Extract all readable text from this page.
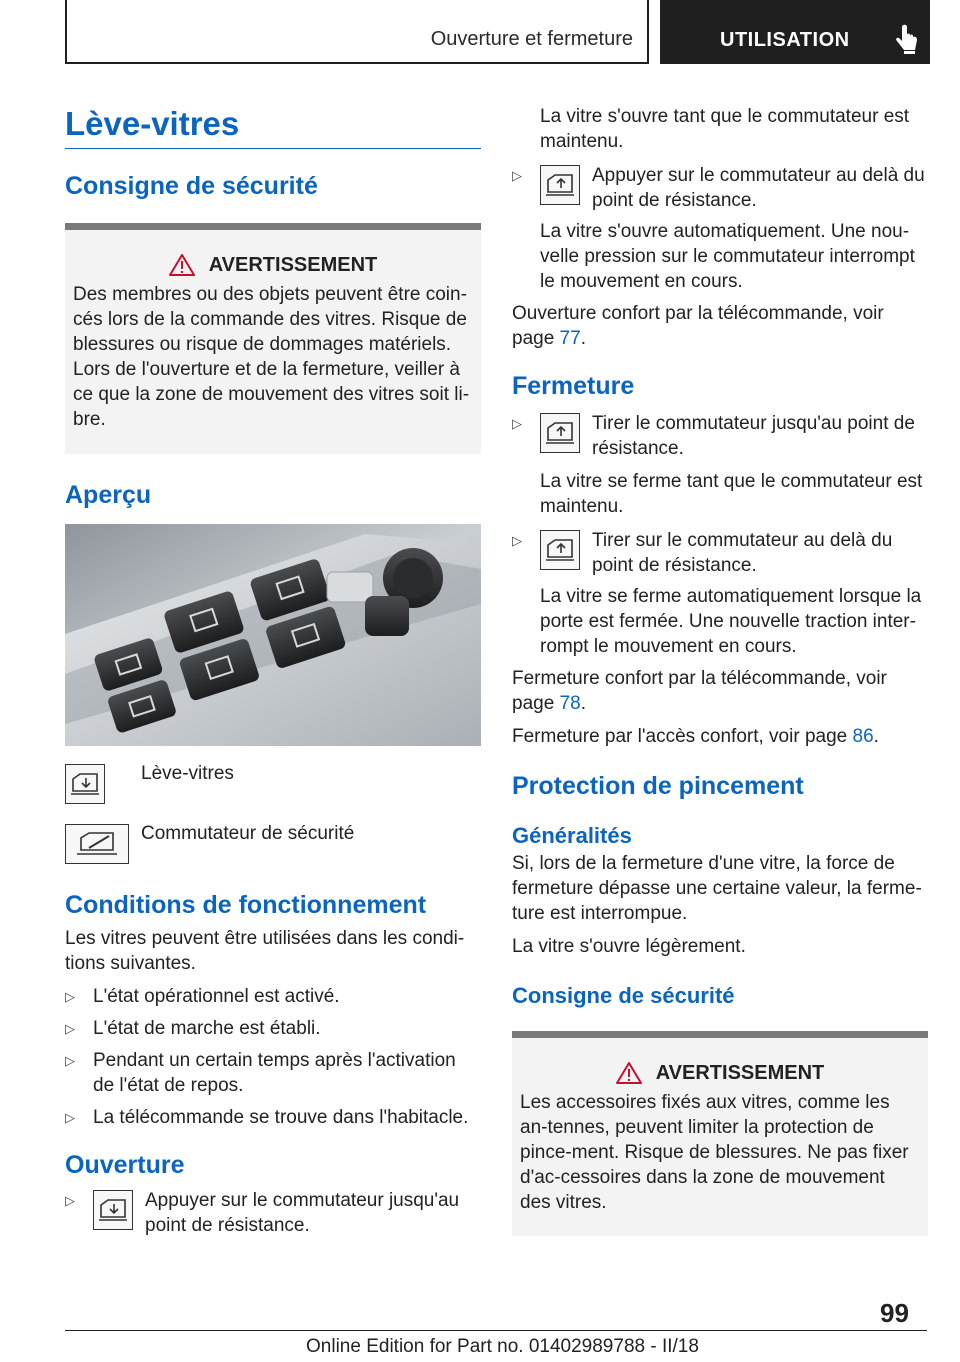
Ouverture et fermeture	UTILISATION
Lève-vitres
Consigne de sécurité
AVERTISSEMENT

Des membres ou des objets peuvent être coin-cés lors de la commande des vitres. Risque de blessures ou risque de dommages matériels. Lors de l'ouverture et de la fermeture, veiller à ce que la zone de mouvement des vitres soit li-bre.

Aperçu
Lève-vitres
Commutateur de sécurité
Conditions de fonctionnement

Les vitres peuvent être utilisées dans les condi-tions suivantes.

▷ L'état opérationnel est activé.
▷ L'état de marche est établi.
▷ Pendant un certain temps après l'activation de l'état de repos.
▷ La télécommande se trouve dans l'habitacle.
Ouverture
▷	Appuyer sur le commutateur jusqu'au point de résistance.

La vitre s'ouvre tant que le commutateur est maintenu.

▷	Appuyer sur le commutateur au delà du point de résistance.

La vitre s'ouvre automatiquement. Une nou-velle pression sur le commutateur interrompt le mouvement en cours.

Ouverture confort par la télécommande, voir page 77.

Fermeture
▷	Tirer le commutateur jusqu'au point de résistance.

La vitre se ferme tant que le commutateur est maintenu.

▷	Tirer sur le commutateur au delà du point de résistance.

La vitre se ferme automatiquement lorsque la porte est fermée. Une nouvelle traction inter-rompt le mouvement en cours.

Fermeture confort par la télécommande, voir page 78.

Fermeture par l'accès confort, voir page 86.

Protection de pincement
Généralités

Si, lors de la fermeture d'une vitre, la force de fermeture dépasse une certaine valeur, la ferme-ture est interrompue.

La vitre s'ouvre légèrement.

Consigne de sécurité
AVERTISSEMENT

Les accessoires fixés aux vitres, comme les an-tennes, peuvent limiter la protection de pince-ment. Risque de blessures. Ne pas fixer d'ac-cessoires dans la zone de mouvement des vitres.

99
Online Edition for Part no. 01402989788 - II/18
